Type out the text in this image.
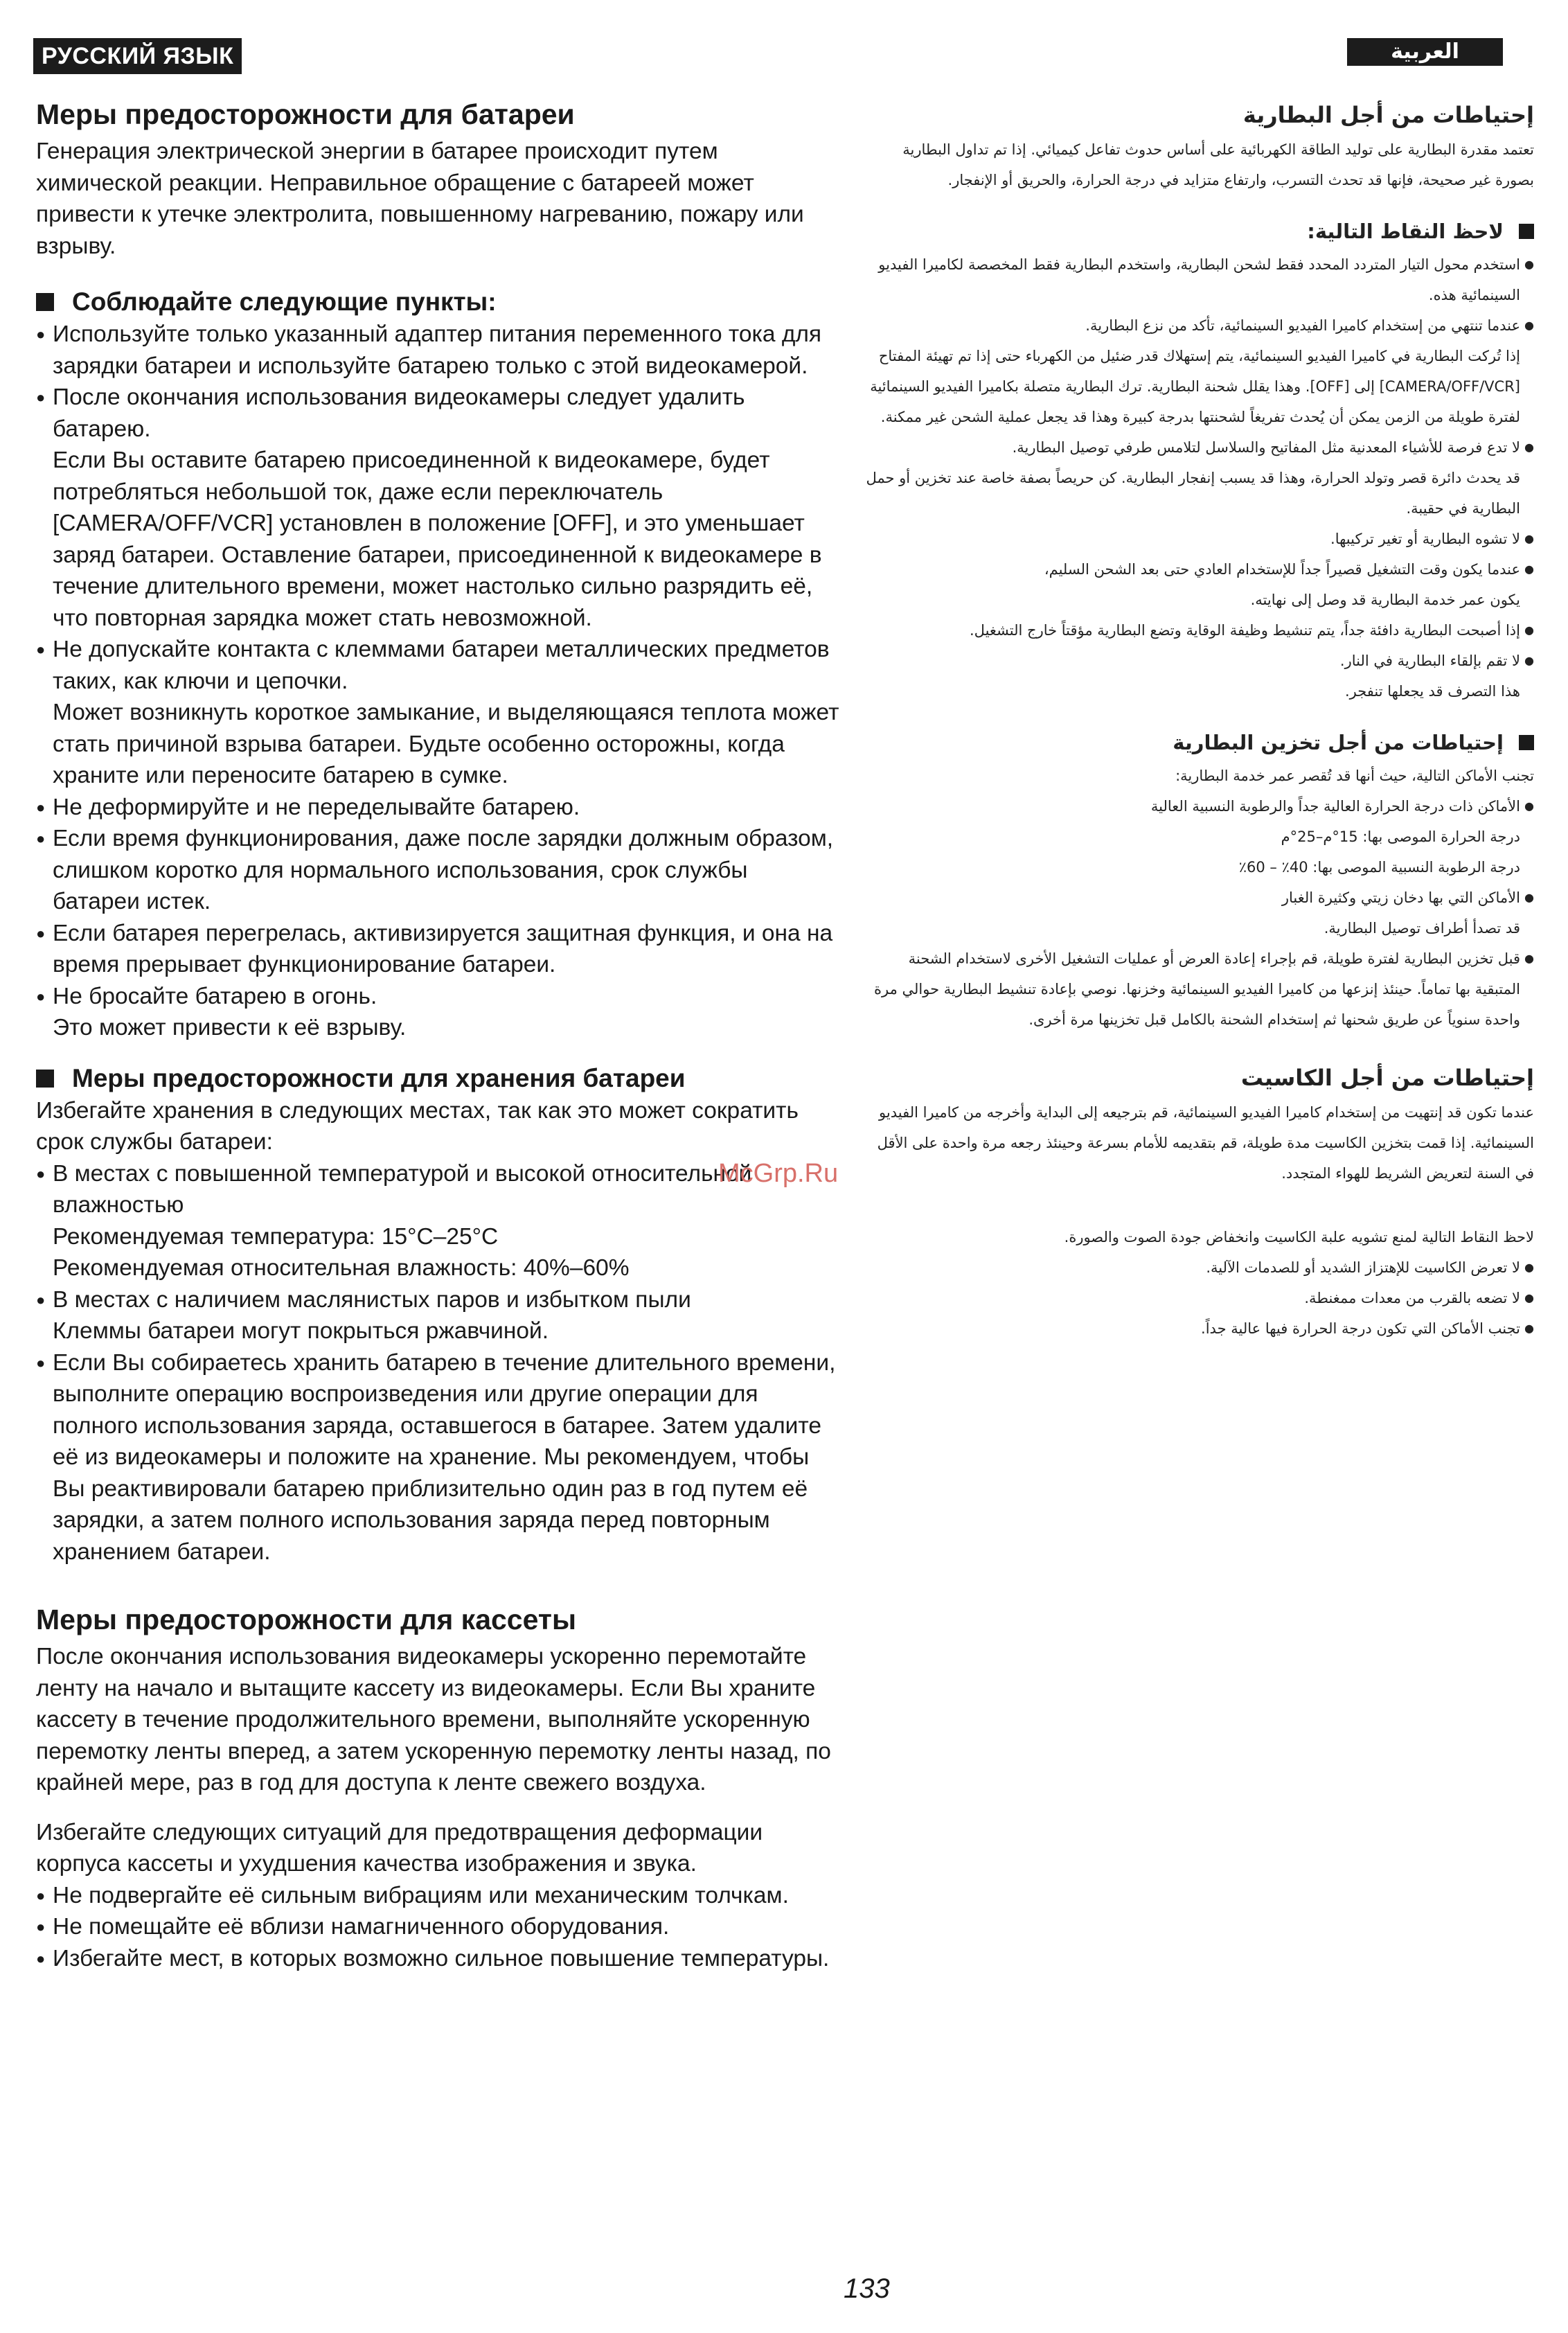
РУССКИЙ ЯЗЫК	العربية
Меры предосторожности для батареи

Генерация электрической энергии в батарее происходит путем химической реакции. Неправильное обращение с батареей может привести к утечке электролита, повышенному нагреванию, пожару или взрыву.

Соблюдайте следующие пункты:
● Используйте только указанный адаптер питания переменного тока для зарядки батареи и используйте батарею только с этой видеокамерой.
● После окончания использования видеокамеры следует удалить батарею.
Если Вы оставите батарею присоединенной к видеокамере, будет потребляться небольшой ток, даже если переключатель [CAMERA/OFF/VCR] установлен в положение [OFF], и это уменьшает заряд батареи. Оставление батареи, присоединенной к видеокамере в течение длительного времени, может настолько сильно разрядить её, что повторная зарядка может стать невозможной.
● Не допускайте контакта с клеммами батареи металлических предметов таких, как ключи и цепочки.
Может возникнуть короткое замыкание, и выделяющаяся теплота может стать причиной взрыва батареи. Будьте особенно осторожны, когда храните или переносите батарею в сумке.
● Не деформируйте и не переделывайте батарею.
● Если время функционирования, даже после зарядки должным образом, слишком коротко для нормального использования, срок службы батареи истек.
● Если батарея перегрелась, активизируется защитная функция, и она на время прерывает функционирование батареи.
● Не бросайте батарею в огонь.
Это может привести к её взрыву.
Меры предосторожности для хранения батареи

Избегайте хранения в следующих местах, так как это может сократить срок службы батареи:

● В местах с повышенной температурой и высокой относительной влажностью
Рекомендуемая температура: 15°C–25°C
Рекомендуемая относительная влажность: 40%–60%
● В местах с наличием маслянистых паров и избытком пыли
Клеммы батареи могут покрыться ржавчиной.
● Если Вы собираетесь хранить батарею в течение длительного времени, выполните операцию воспроизведения или другие операции для полного использования заряда, оставшегося в батарее. Затем удалите её из видеокамеры и положите на хранение. Мы рекомендуем, чтобы Вы реактивировали батарею приблизительно один раз в год путем её зарядки, а затем полного использования заряда перед повторным хранением батареи.
Меры предосторожности для кассеты

После окончания использования видеокамеры ускоренно перемотайте ленту на начало и вытащите кассету из видеокамеры. Если Вы храните кассету в течение продолжительного времени, выполняйте ускоренную перемотку ленты вперед, а затем ускоренную перемотку ленты назад, по крайней мере, раз в год для доступа к ленте свежего воздуха.

Избегайте следующих ситуаций для предотвращения деформации корпуса кассеты и ухудшения качества изображения и звука.

● Не подвергайте её сильным вибрациям или механическим толчкам.
● Не помещайте её вблизи намагниченного оборудования.
● Избегайте мест, в которых возможно сильное повышение температуры.
إحتياطات من أجل البطارية

تعتمد مقدرة البطارية على توليد الطاقة الكهربائية على أساس حدوث تفاعل كيميائي. إذا تم تداول البطارية بصورة غير صحيحة، فإنها قد تحدث التسرب، وارتفاع متزايد في درجة الحرارة، والحريق أو الإنفجار.

لاحظ النقاط التالية:
● استخدم محول التيار المتردد المحدد فقط لشحن البطارية، واستخدم البطارية فقط المخصصة لكاميرا الفيديو السينمائية هذه.
● عندما تنتهي من إستخدام كاميرا الفيديو السينمائية، تأكد من نزع البطارية.
إذا تُركت البطارية في كاميرا الفيديو السينمائية، يتم إستهلاك قدر ضئيل من الكهرباء حتى إذا تم تهيئة المفتاح [CAMERA/OFF/VCR] إلى [OFF]. وهذا يقلل شحنة البطارية. ترك البطارية متصلة بكاميرا الفيديو السينمائية لفترة طويلة من الزمن يمكن أن يُحدث تفريغاً لشحنتها بدرجة كبيرة وهذا قد يجعل عملية الشحن غير ممكنة.
● لا تدع فرصة للأشياء المعدنية مثل المفاتيح والسلاسل لتلامس طرفي توصيل البطارية.
قد يحدث دائرة قصر وتولد الحرارة، وهذا قد يسبب إنفجار البطارية. كن حريصاً بصفة خاصة عند تخزين أو حمل البطارية في حقيبة.
● لا تشوه البطارية أو تغير تركيبها.
● عندما يكون وقت التشغيل قصيراً جداً للإستخدام العادي حتى بعد الشحن السليم،
يكون عمر خدمة البطارية قد وصل إلى نهايته.
● إذا أصبحت البطارية دافئة جداً، يتم تنشيط وظيفة الوقاية وتضع البطارية مؤقتاً خارج التشغيل.
● لا تقم بإلقاء البطارية في النار.
هذا التصرف قد يجعلها تنفجر.
إحتياطات من أجل تخزين البطارية

تجنب الأماكن التالية، حيث أنها قد تُقصر عمر خدمة البطارية:

● الأماكن ذات درجة الحرارة العالية جداً والرطوبة النسبية العالية
درجة الحرارة الموصى بها: 15°م–25°م
درجة الرطوبة النسبية الموصى بها: 40٪ – 60٪
● الأماكن التي بها دخان زيتي وكثيرة الغبار
قد تصدأ أطراف توصيل البطارية.
● قبل تخزين البطارية لفترة طويلة، قم بإجراء إعادة العرض أو عمليات التشغيل الأخرى لاستخدام الشحنة المتبقية بها تماماً. حينئذ إنزعها من كاميرا الفيديو السينمائية وخزنها. نوصي بإعادة تنشيط البطارية حوالي مرة واحدة سنوياً عن طريق شحنها ثم إستخدام الشحنة بالكامل قبل تخزينها مرة أخرى.
إحتياطات من أجل الكاسيت

عندما تكون قد إنتهيت من إستخدام كاميرا الفيديو السينمائية، قم بترجيعه إلى البداية وأخرجه من كاميرا الفيديو السينمائية. إذا قمت بتخزين الكاسيت مدة طويلة، قم بتقديمه للأمام بسرعة وحينئذ رجعه مرة واحدة على الأقل في السنة لتعريض الشريط للهواء المتجدد.

لاحظ النقاط التالية لمنع تشويه علبة الكاسيت وانخفاض جودة الصوت والصورة.

● لا تعرض الكاسيت للإهتزاز الشديد أو للصدمات الآلية.
● لا تضعه بالقرب من معدات ممغنطة.
● تجنب الأماكن التي تكون درجة الحرارة فيها عالية جداً.
McGrp.Ru
133
